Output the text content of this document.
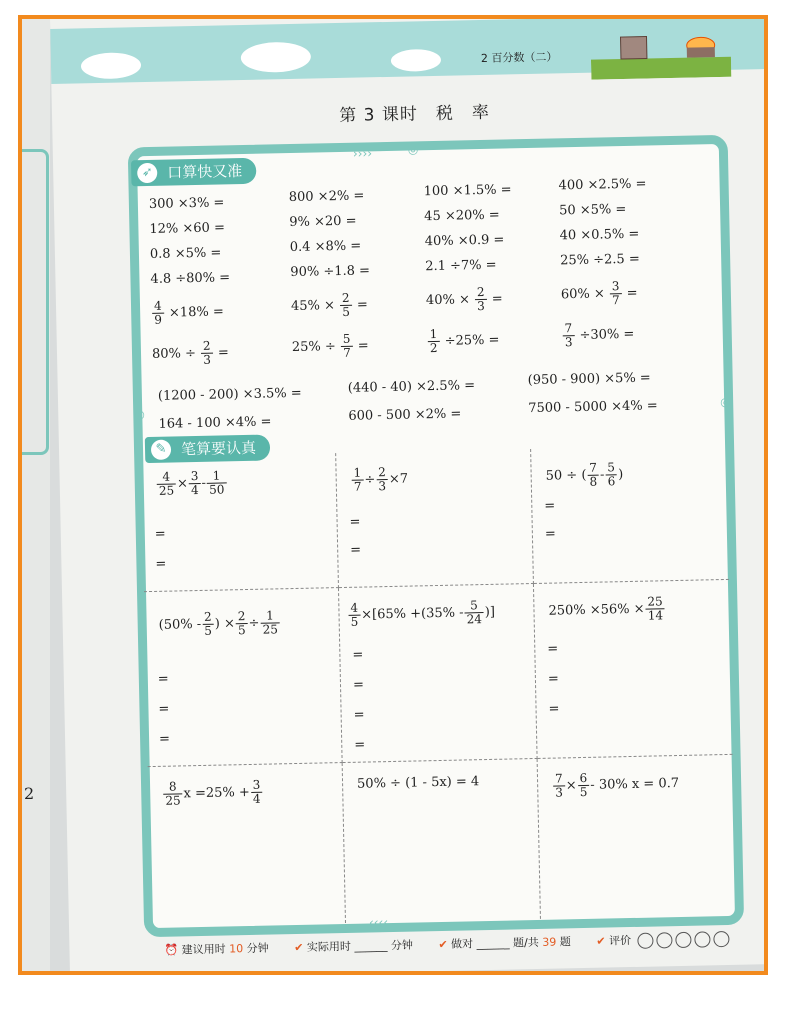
2
2 百分数（二）
第 3 课时　税　率
››››	◎
‹‹‹‹
◎
◎
➶ 口算快又准
300 ×3% =	800 ×2% =	100 ×1.5% =	400 ×2.5% =
12% ×60 =	9% ×20 =	45 ×20% =	50 ×5% =
0.8 ×5% =	0.4 ×8% =	40% ×0.9 =	40 ×0.5% =
4.8 ÷80% =	90% ÷1.8 =	2.1 ÷7% =	25% ÷2.5 =
$\frac{4}{9} \times 18\%$ =	$45\% \times \frac{2}{5}$ =	$40\% \times \frac{2}{3}$ =	$60\% \times \frac{3}{7}$ =
$80\% \div \frac{2}{3}$ =	$25\% \div \frac{5}{7}$ =	$\frac{1}{2} \div 25\%$ =	$\frac{7}{3} \div 30\%$ =
(1200 - 200) ×3.5% =	(440 - 40) ×2.5% =	(950 - 900) ×5% =
164 - 100 ×4% =	600 - 500 ×2% =	7500 - 5000 ×4% =
✎ 笔算要认真
$\frac{4}{25} \times \frac{3}{4} - \frac{1}{50}$
=
=
$\frac{1}{7} \div \frac{2}{3} \times 7$
=
=
50 ÷ ( $\frac{7}{8} - \frac{5}{6}$ )
=
=
($50\% - \frac{2}{5}$ ) × $\frac{2}{5} \div \frac{1}{25}$
=
=
=
$\frac{4}{5} \times[65\% +(35\% - \frac{5}{24}$ )]
=
=
=
=
$250\% \times 56\% \times \frac{25}{14}$
=
=
=
$\frac{8}{25}$ $x =25\% + \frac{3}{4}$	50% ÷ (1 - 5x) = 4	$\frac{7}{3} \times \frac{6}{5} - 30\%$ x = 0.7
⏰ 建议用时 10 分钟 ✔ 实际用时 ______ 分钟 ✔ 做对 ______ 题/共 39 题 ✔ 评价
